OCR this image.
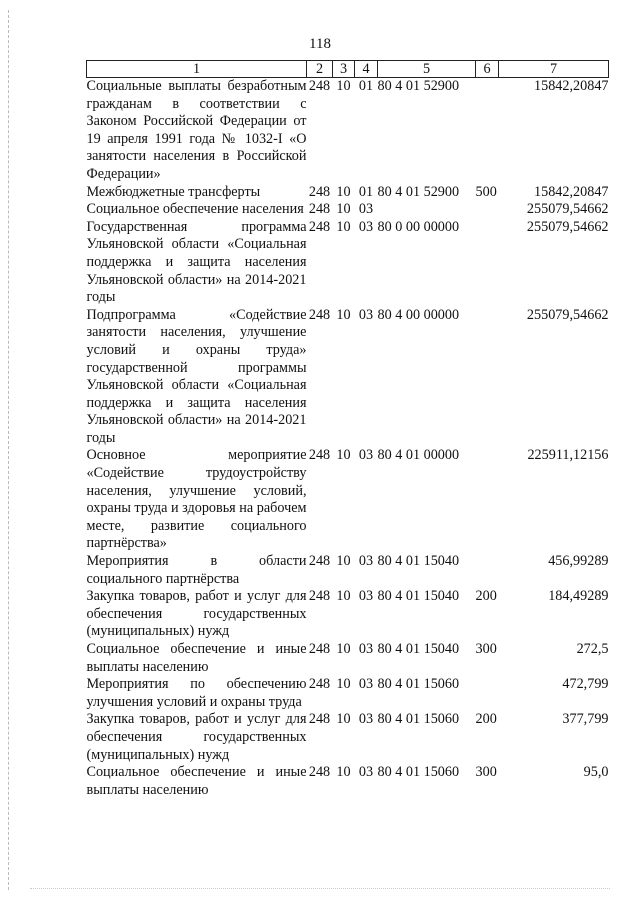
118
1	2	3	4	5	6	7
Социальные выплаты безработным гражданам в соответствии с Законом Российской Федерации от 19 апреля 1991 года № 1032-I «О занятости населения в Российской Федерации»	248	10	01	80 4 01 52900		15842,20847
Межбюджетные трансферты	248	10	01	80 4 01 52900	500	15842,20847
Социальное обеспечение населения	248	10	03			255079,54662
Государственная программа Ульяновской области «Социальная поддержка и защита населения Ульяновской области» на 2014-2021 годы	248	10	03	80 0 00 00000		255079,54662
Подпрограмма «Содействие занятости населения, улучшение условий и охраны труда» государственной программы Ульяновской области «Социальная поддержка и защита населения Ульяновской области» на 2014-2021 годы	248	10	03	80 4 00 00000		255079,54662
Основное мероприятие «Содействие трудоустройству населения, улучшение условий, охраны труда и здоровья на рабочем месте, развитие социального партнёрства»	248	10	03	80 4 01 00000		225911,12156
Мероприятия в области социального партнёрства	248	10	03	80 4 01 15040		456,99289
Закупка товаров, работ и услуг для обеспечения государственных (муниципальных) нужд	248	10	03	80 4 01 15040	200	184,49289
Социальное обеспечение и иные выплаты населению	248	10	03	80 4 01 15040	300	272,5
Мероприятия по обеспечению улучшения условий и охраны труда	248	10	03	80 4 01 15060		472,799
Закупка товаров, работ и услуг для обеспечения государственных (муниципальных) нужд	248	10	03	80 4 01 15060	200	377,799
Социальное обеспечение и иные выплаты населению	248	10	03	80 4 01 15060	300	95,0
